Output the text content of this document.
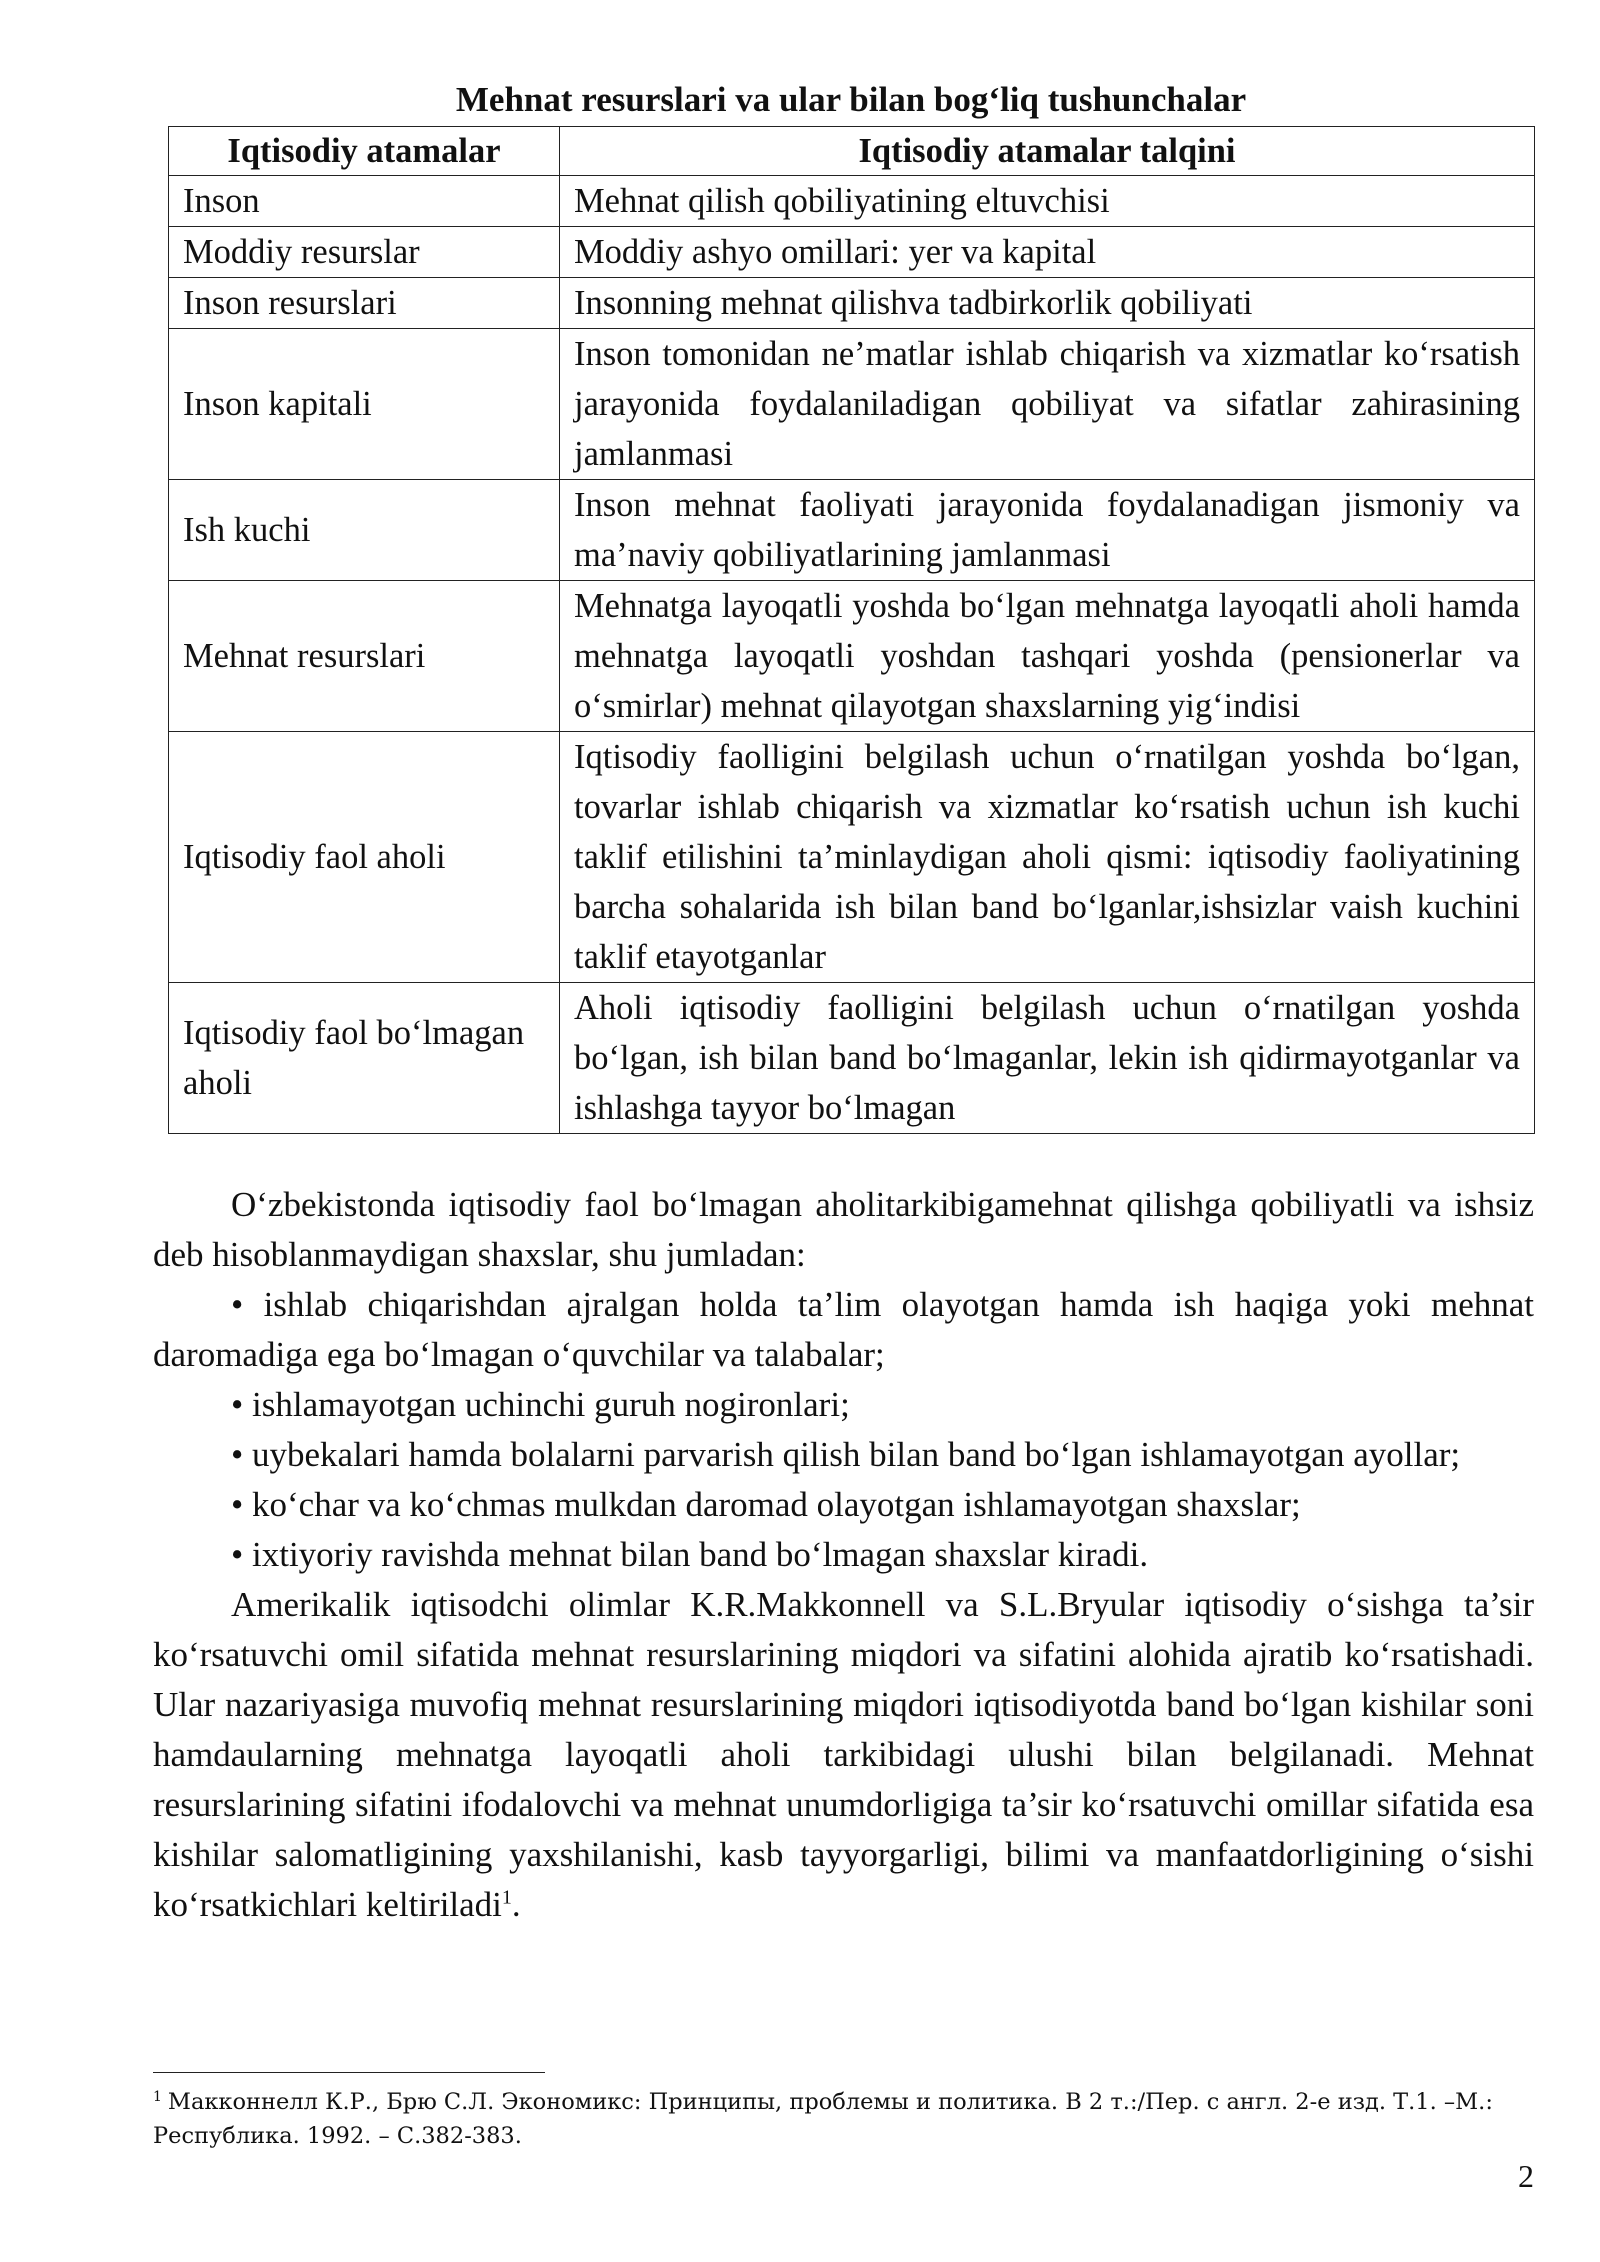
Mehnat resurslari va ular bilan bog‘liq tushunchalar
Iqtisodiy atamalar	Iqtisodiy atamalar talqini
Inson	Mehnat qilish qobiliyatining eltuvchisi
Moddiy resurslar	Moddiy ashyo omillari: yer va kapital
Inson resurslari	Insonning mehnat qilishva tadbirkorlik qobiliyati
Inson kapitali	Inson tomonidan ne’matlar ishlab chiqarish va xizmatlar ko‘rsatish jarayonida foydalaniladigan qobiliyat va sifatlar zahirasining jamlanmasi
Ish kuchi	Inson mehnat faoliyati jarayonida foydalanadigan jismoniy va ma’naviy qobiliyatlarining jamlanmasi
Mehnat resurslari	Mehnatga layoqatli yoshda bo‘lgan mehnatga layoqatli aholi hamda mehnatga layoqatli yoshdan tashqari yoshda (pensionerlar va o‘smirlar) mehnat qilayotgan shaxslarning yig‘indisi
Iqtisodiy faol aholi	Iqtisodiy faolligini belgilash uchun o‘rnatilgan yoshda bo‘lgan, tovarlar ishlab chiqarish va xizmatlar ko‘rsatish uchun ish kuchi taklif etilishini ta’minlaydigan aholi qismi: iqtisodiy faoliyatining barcha sohalarida ish bilan band bo‘lganlar,ishsizlar vaish kuchini taklif etayotganlar
Iqtisodiy faol bo‘lmagan aholi	Aholi iqtisodiy faolligini belgilash uchun o‘rnatilgan yoshda bo‘lgan, ish bilan band bo‘lmaganlar, lekin ish qidirmayotganlar va ishlashga tayyor bo‘lmagan

O‘zbekistonda iqtisodiy faol bo‘lmagan aholitarkibigamehnat qilishga qobiliyatli va ishsiz deb hisoblanmaydigan shaxslar, shu jumladan:

• ishlab chiqarishdan ajralgan holda ta’lim olayotgan hamda ish haqiga yoki mehnat daromadiga ega bo‘lmagan o‘quvchilar va talabalar;

• ishlamayotgan uchinchi guruh nogironlari;

• uybekalari hamda bolalarni parvarish qilish bilan band bo‘lgan ishlamayotgan ayollar;

• ko‘char va ko‘chmas mulkdan daromad olayotgan ishlamayotgan shaxslar;

• ixtiyoriy ravishda mehnat bilan band bo‘lmagan shaxslar kiradi.

Amerikalik iqtisodchi olimlar K.R.Makkonnell va S.L.Bryular iqtisodiy o‘sishga ta’sir ko‘rsatuvchi omil sifatida mehnat resurslarining miqdori va sifatini alohida ajratib ko‘rsatishadi. Ular nazariyasiga muvofiq mehnat resurslarining miqdori iqtisodiyotda band bo‘lgan kishilar soni hamdaularning mehnatga layoqatli aholi tarkibidagi ulushi bilan belgilanadi. Mehnat resurslarining sifatini ifodalovchi va mehnat unumdorligiga ta’sir ko‘rsatuvchi omillar sifatida esa kishilar salomatligining yaxshilanishi, kasb tayyorgarligi, bilimi va manfaatdorligining o‘sishi ko‘rsatkichlari keltiriladi$^1$.

$^1$ Макконнелл К.Р., Брю С.Л. Экономикс: Принципы, проблемы и политика. В 2 т.:/Пер. с англ. 2-е изд. Т.1. –М.: Республика. 1992. – С.382-383.
2
